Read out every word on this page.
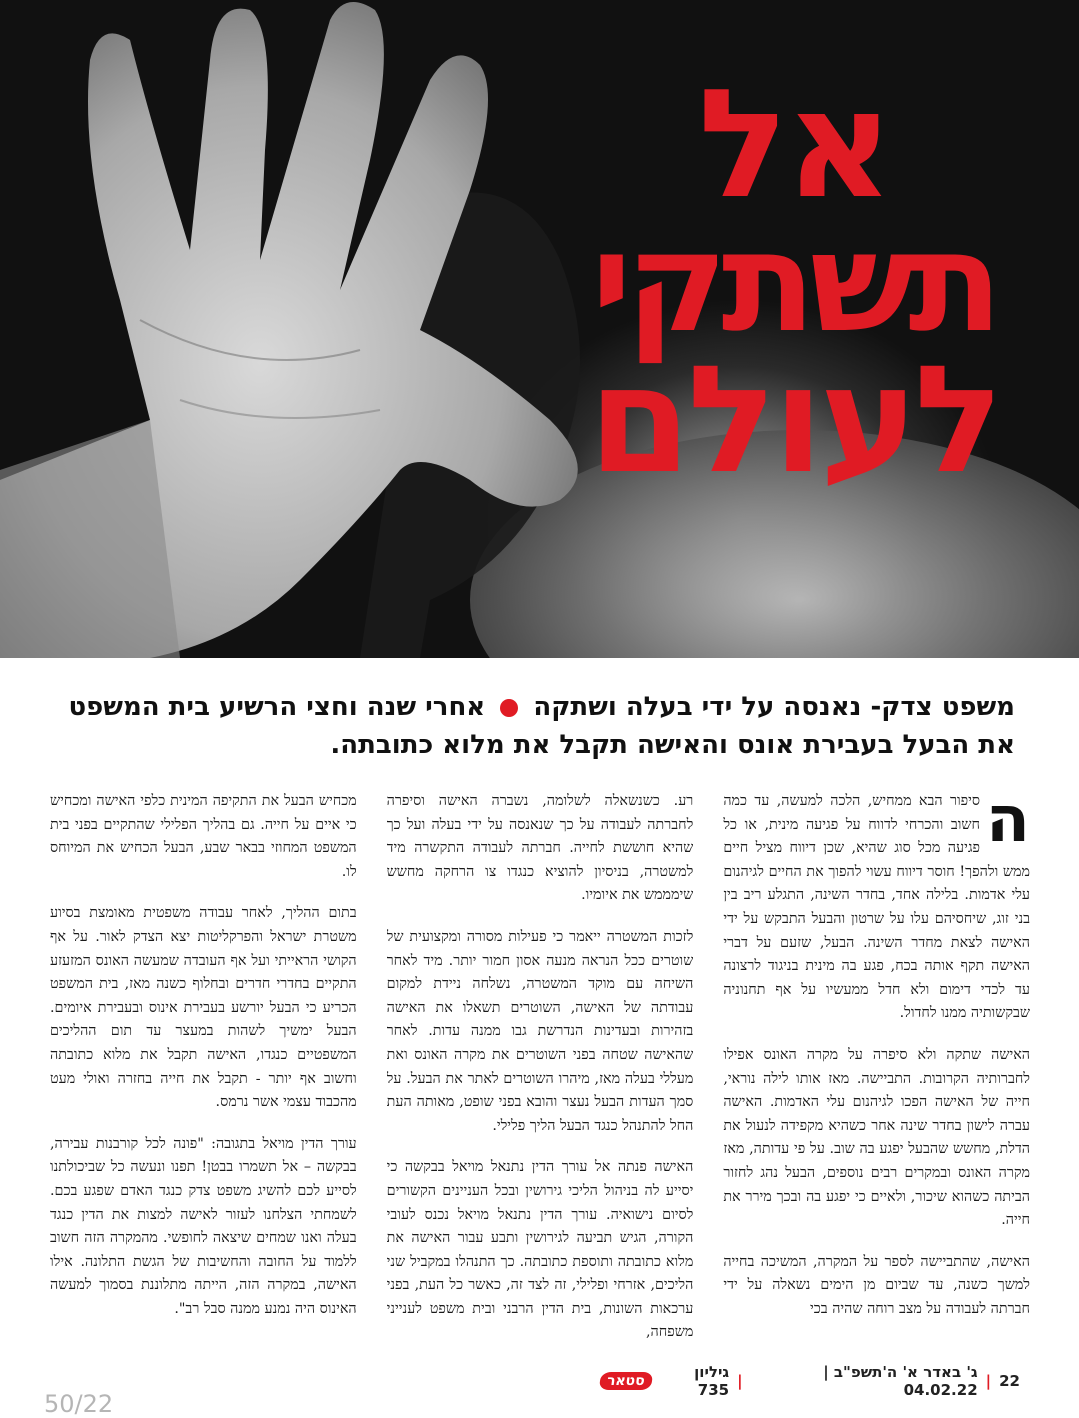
אל
תשתקי
לעולם
משפט צדק- נאנסה על ידי בעלה ושתקה  אחרי שנה וחצי הרשיע בית המשפט את הבעל בעבירת אונס והאישה תקבל את מלוא כתובתה.

ה
סיפור הבא ממחיש, הלכה למעשה, עד כמה חשוב והכרחי לדווח על פגיעה מינית, או כל פגיעה מכל סוג שהיא, שכן דיווח מציל חיים ממש ולהפך! חוסר דיווח עשוי להפוך את החיים לגיהנום עלי אדמות. בלילה אחד, בחדר השינה, התגלע ריב בין בני זוג, שיחסיהם עלו על שרטון והבעל התבקש על ידי האישה לצאת מחדר השינה. הבעל, שזעם על דברי האישה תקף אותה בכח, פגע בה מינית בניגוד לרצונה עד לכדי דימום ולא חדל ממעשיו על אף תחנוניה שבקשותיה ממנו לחדול.

האישה שתקה ולא סיפרה על מקרה האונס אפילו לחברותיה הקרובות. התביישה. מאז אותו לילה נוראי, חייה של האישה הפכו לגיהנום עלי האדמות. האישה עברה לישון בחדר שינה אחר כשהיא מקפידה לנעול את הדלת, מחשש שהבעל יפגע בה שוב. על פי עדותה, מאז מקרה האונס ובמקרים רבים נוספים, הבעל נהג לחזור הביתה כשהוא שיכור, ולאיים כי יפגע בה ובכך מירר את חייה.

האישה, שהתביישה לספר על המקרה, המשיכה בחייה למשך כשנה, עד שביום מן הימים נשאלה על ידי חברתה לעבודה על מצב רוחה שהיה בכי

רע. כשנשאלה לשלומה, נשברה האישה וסיפרה לחברתה לעבודה על כך שנאנסה על ידי בעלה ועל כך שהיא חוששת לחייה. חברתה לעבודה התקשרה מיד למשטרה, בניסיון להוציא כנגדו צו הרחקה מחשש שימממש את איומיו.

לזכות המשטרה ייאמר כי פעילות מסורה ומקצועית של שוטרים ככל הנראה מנעה אסון חמור יותר. מיד לאחר השיחה עם מוקד המשטרה, נשלחה ניידת למקום עבודתה של האישה, השוטרים תשאלו את האישה בזהירות ובעדינות הנדרשת גבו ממנה עדות. לאחר שהאישה שטחה בפני השוטרים את מקרה האונס ואת מעללי בעלה מאז, מיהרו השוטרים לאתר את הבעל. על סמך העדות הבעל נעצר והובא בפני שופט, מאותה העת החל להתנהל כנגד הבעל הליך פלילי.

האישה פנתה אל עורך הדין נתנאל מויאל בבקשה כי יסייע לה בניהול הליכי גירושין ובכל העניינים הקשורים לסיום נישואיה. עורך הדין נתנאל מויאל נכנס לעובי הקורה, הגיש תביעה לגירושין ותבע עבור האישה את מלוא כתובתה ותוספת כתובתה. כך התנהלו במקביל שני הליכים, אזרחי ופלילי, זה לצד זה, כאשר כל העת, בפני ערכאות השונות, בית הדין הרבני ובית משפט לענייני משפחה,

מכחיש הבעל את התקיפה המינית כלפי האישה ומכחיש כי איים על חייה. גם בהליך הפלילי שהתקיים בפני בית המשפט המחוזי בבאר שבע, הבעל הכחיש את המיוחס לו.

בתום ההליך, לאחר עבודה משפטית מאומצת בסיוע משטרת ישראל והפרקליטות יצא הצדק לאור. על אף הקושי הראייתי ועל אף העובדה שמעשה האונס המזעזע התקיים בחדרי חדרים ובחלוף כשנה מאז, בית המשפט הכריע כי הבעל יורשע בעבירת אינוס ובעבירת איומים. הבעל ימשיך לשהות במעצר עד תום ההליכים המשפטיים כנגדו, האישה תקבל את מלוא כתובתה וחשוב אף יותר - תקבל את חייה בחזרה ואולי מעט מהכבוד עצמי אשר נרמס.

עורך הדין מויאל בתגובה: "פונה לכל קורבנות עבירה, בבקשה – אל תשמרו בבטן! תפנו ונעשה כל שביכולתנו לסייע לכם להשיג משפט צדק כנגד האדם שפגע בכם. לשמחתי הצלחנו לעזור לאישה למצות את הדין כנגד בעלה ואנו שמחים שיצאה לחופשי. מהמקרה הזה חשוב ללמוד על החובה והחשיבות של הגשת התלונה. אילו האישה, במקרה הזה, הייתה מתלוננת בסמוך למעשה האינוס היה נמנע ממנה סבל רב".

22
|
ג' באדר א' ה'תשפ"ב | 04.02.22
|
גיליון 735
סטאר
50/22
